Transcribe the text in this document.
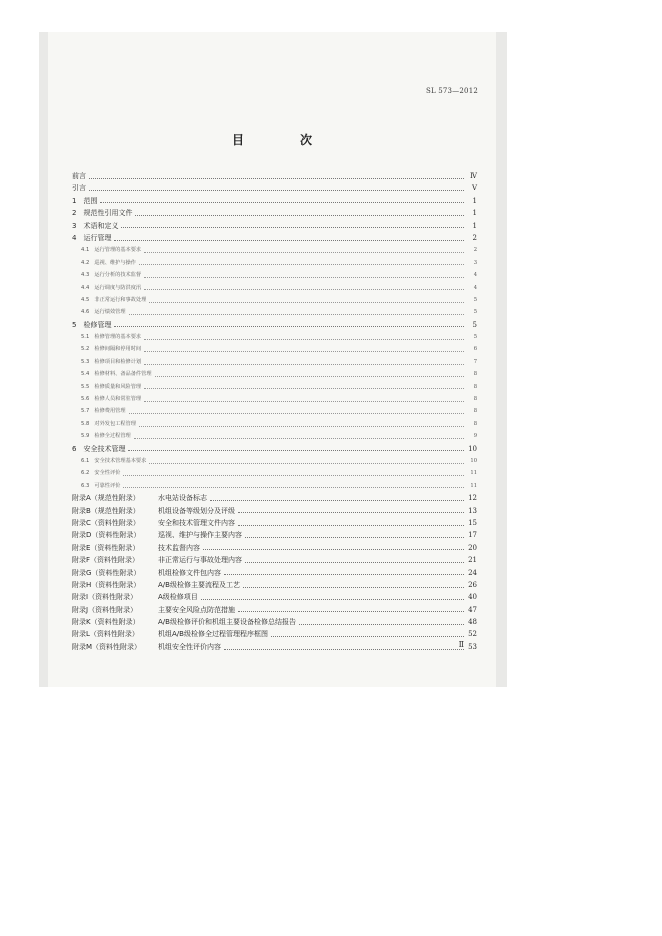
SL 573—2012
目　次
前言	Ⅳ
引言	Ⅴ
1　范围	1
2　规范性引用文件	1
3　术语和定义	1
4　运行管理	2
4.1　运行管理的基本要求	2
4.2　巡视、维护与操作	3
4.3　运行分析的技术监督	4
4.4　运行调度与防洪度汛	4
4.5　非正常运行和事故处理	5
4.6　运行绩效管理	5
5　检修管理	5
5.1　检修管理的基本要求	5
5.2　检修间隔和停用时间	6
5.3　检修项目和检修计划	7
5.4　检修材料、备品备件管理	8
5.5　检修质量和风险管理	8
5.6　检修人员和常驻管理	8
5.7　检修费用管理	8
5.8　对外发包工程管理	8
5.9　检修全过程管理	9
6　安全技术管理	10
6.1　安全技术管理基本要求	10
6.2　安全性评价	11
6.3　可靠性评价	11
附录A（规范性附录）	水电站设备标志	12
附录B（规范性附录）	机组设备等级划分及评级	13
附录C（资料性附录）	安全和技术管理文件内容	15
附录D（资料性附录）	巡视、维护与操作主要内容	17
附录E（资料性附录）	技术监督内容	20
附录F（资料性附录）	非正常运行与事故处理内容	21
附录G（资料性附录）	机组检修文件包内容	24
附录H（资料性附录）	A/B级检修主要流程及工艺	26
附录I（资料性附录）	A级检修项目	40
附录J（资料性附录）	主要安全风险点防范措施	47
附录K（资料性附录）	A/B级检修评价和机组主要设备检修总结报告	48
附录L（资料性附录）	机组A/B级检修全过程管理程序框图	52
附录M（资料性附录）	机组安全性评价内容	53
Ⅱ
